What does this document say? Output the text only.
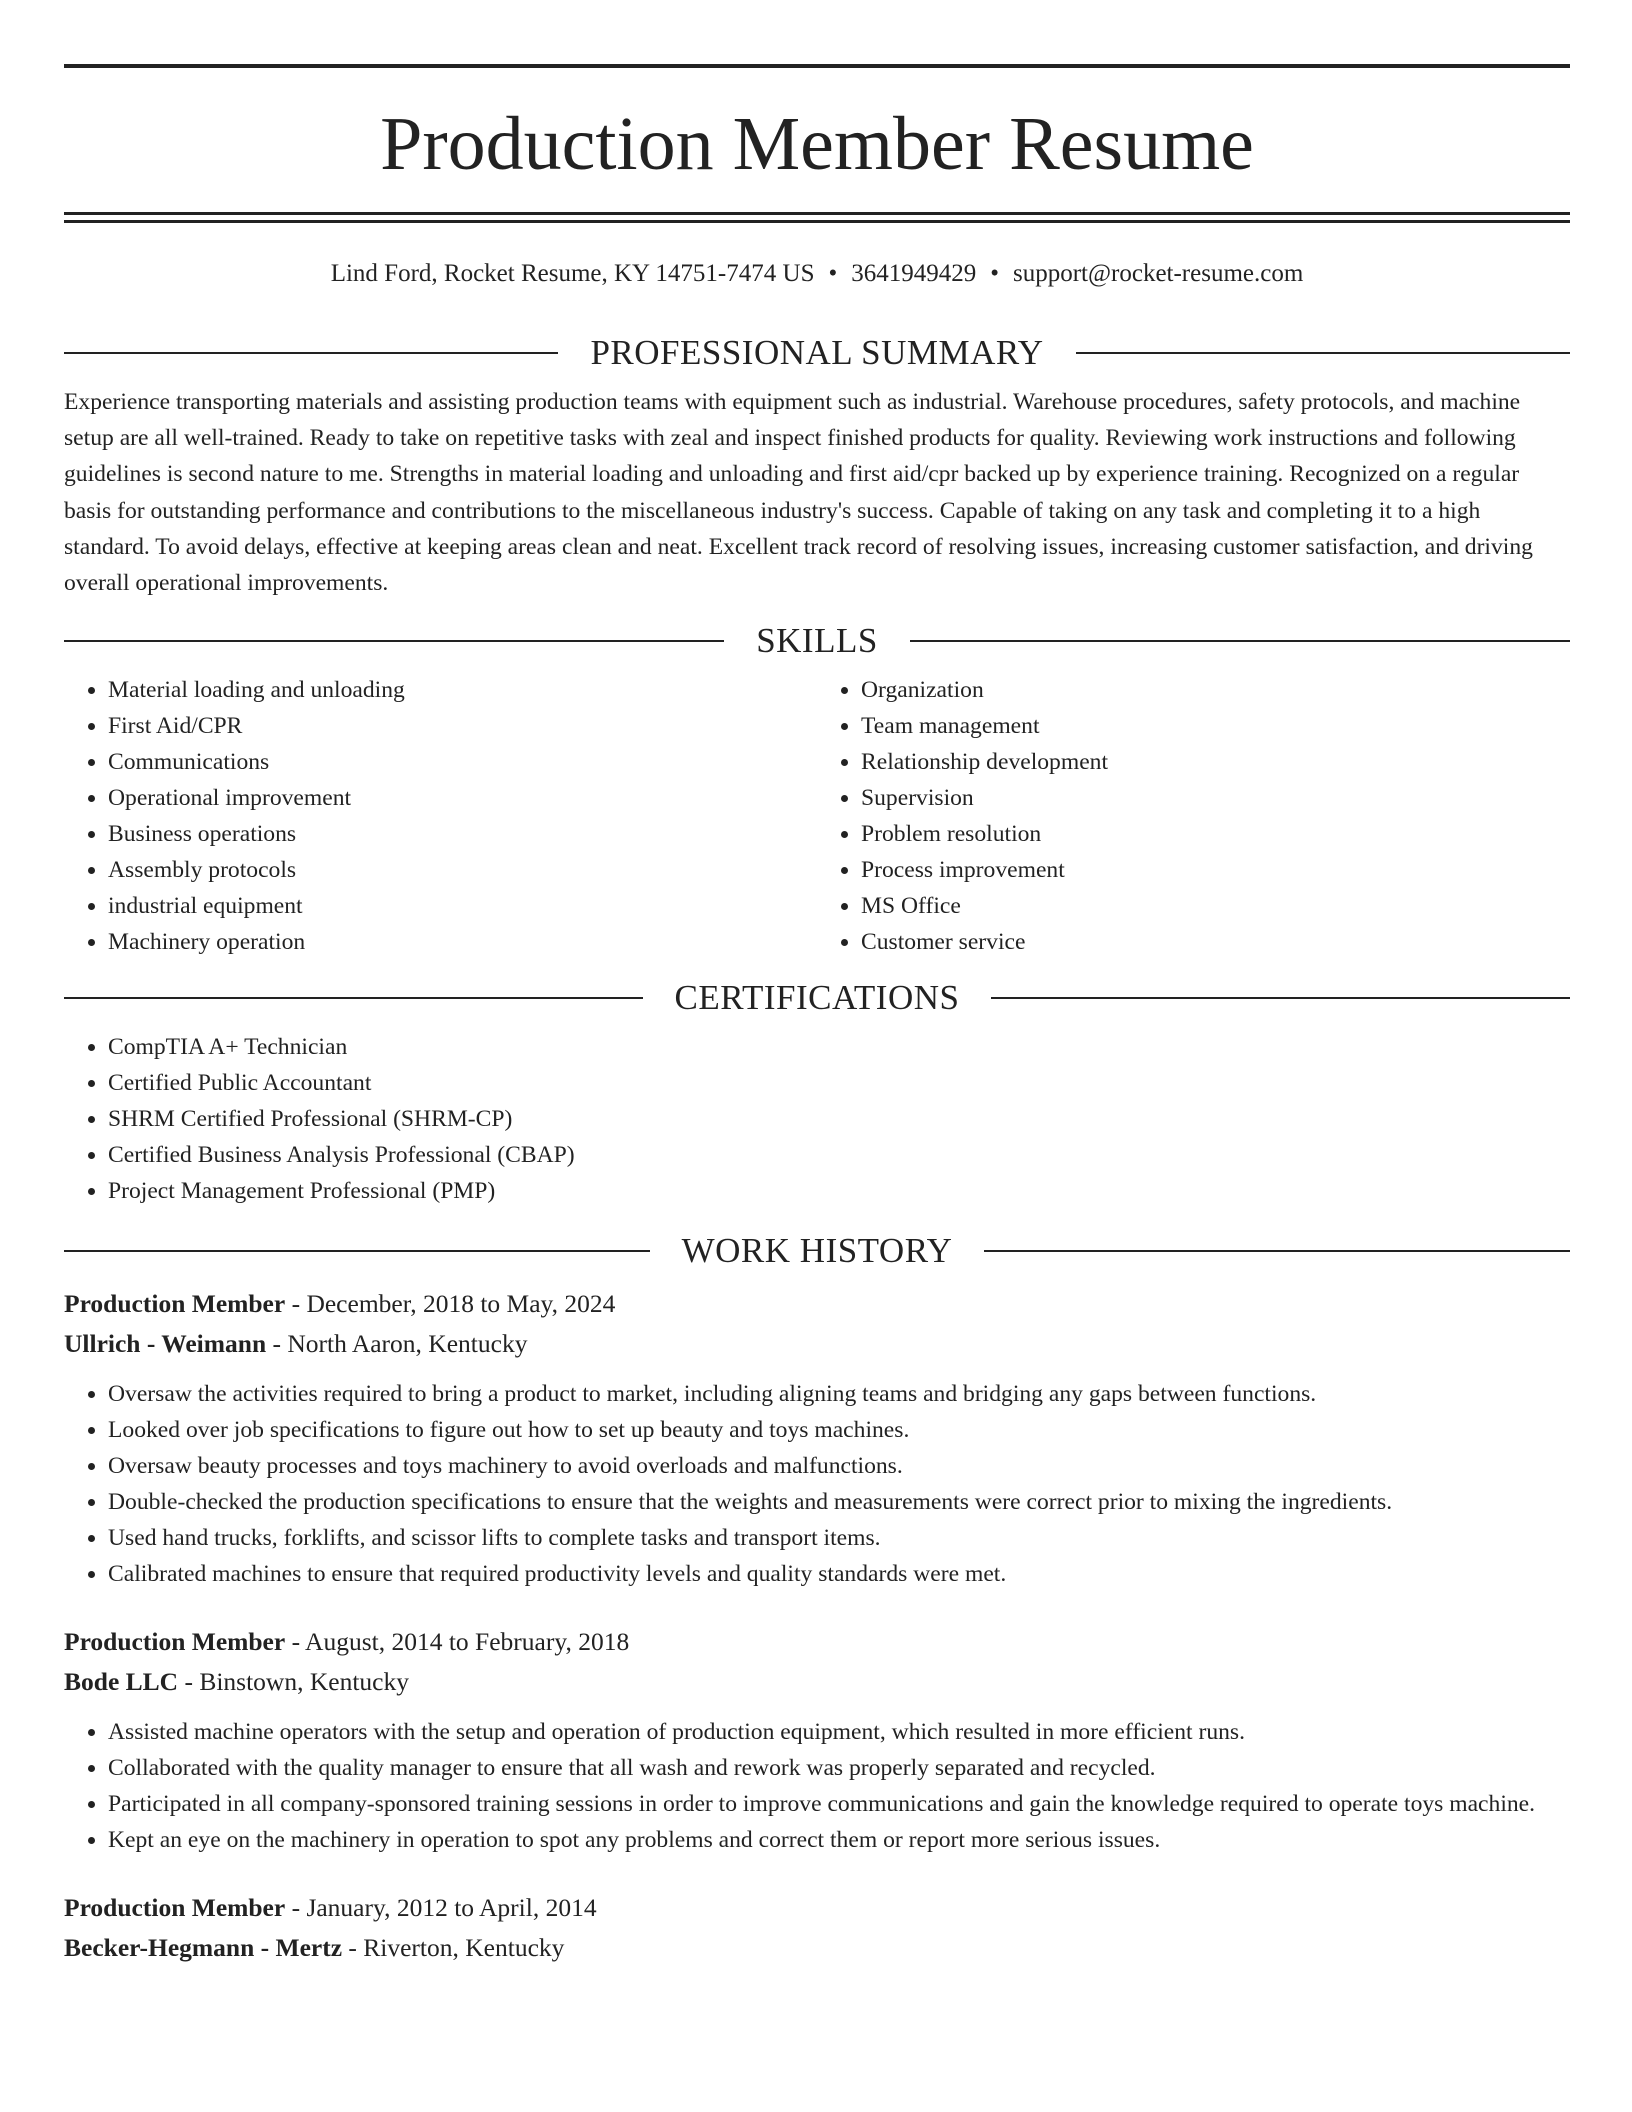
Production Member Resume
Lind Ford, Rocket Resume, KY 14751-7474 US • 3641949429 • support@rocket-resume.com
PROFESSIONAL SUMMARY

Experience transporting materials and assisting production teams with equipment such as industrial. Warehouse procedures, safety protocols, and machine setup are all well-trained. Ready to take on repetitive tasks with zeal and inspect finished products for quality. Reviewing work instructions and following guidelines is second nature to me. Strengths in material loading and unloading and first aid/cpr backed up by experience training. Recognized on a regular basis for outstanding performance and contributions to the miscellaneous industry's success. Capable of taking on any task and completing it to a high standard. To avoid delays, effective at keeping areas clean and neat. Excellent track record of resolving issues, increasing customer satisfaction, and driving overall operational improvements.

SKILLS
• Material loading and unloading
• First Aid/CPR
• Communications
• Operational improvement
• Business operations
• Assembly protocols
• industrial equipment
• Machinery operation
• Organization
• Team management
• Relationship development
• Supervision
• Problem resolution
• Process improvement
• MS Office
• Customer service
CERTIFICATIONS
• CompTIA A+ Technician
• Certified Public Accountant
• SHRM Certified Professional (SHRM-CP)
• Certified Business Analysis Professional (CBAP)
• Project Management Professional (PMP)
WORK HISTORY

Production Member - December, 2018 to May, 2024

Ullrich - Weimann - North Aaron, Kentucky

• Oversaw the activities required to bring a product to market, including aligning teams and bridging any gaps between functions.
• Looked over job specifications to figure out how to set up beauty and toys machines.
• Oversaw beauty processes and toys machinery to avoid overloads and malfunctions.
• Double-checked the production specifications to ensure that the weights and measurements were correct prior to mixing the ingredients.
• Used hand trucks, forklifts, and scissor lifts to complete tasks and transport items.
• Calibrated machines to ensure that required productivity levels and quality standards were met.

Production Member - August, 2014 to February, 2018

Bode LLC - Binstown, Kentucky

• Assisted machine operators with the setup and operation of production equipment, which resulted in more efficient runs.
• Collaborated with the quality manager to ensure that all wash and rework was properly separated and recycled.
• Participated in all company-sponsored training sessions in order to improve communications and gain the knowledge required to operate toys machine.
• Kept an eye on the machinery in operation to spot any problems and correct them or report more serious issues.

Production Member - January, 2012 to April, 2014

Becker-Hegmann - Mertz - Riverton, Kentucky
